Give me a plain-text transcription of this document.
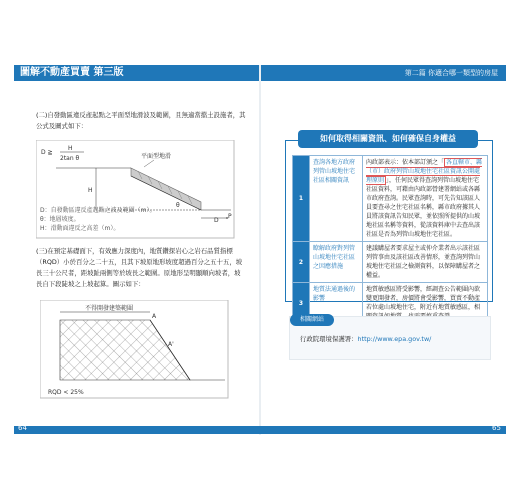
圖解不動產買賣 第三版	第二篇 你適合哪一類型的房屋
(二)自發動區違反產起點之平面型地滑波及範圍，且無適當擋土設施者，其公式及圖式如下：
平面型地滑
D ≧
H
2tan θ
H
θ
D
P
D：自發動區違反產起點之波及範圍（m）。
θ：地層坡度。
H：滑動面違反之高差（m）。
(三)在預定基礎面下，有效應力深度內，地質鑽探岩心之岩石品質指標（RQD）小於百分之二十五，且其下坡原地形坡度超過百分之五十五，坡長三十公尺者，距坡趾兩側等於坡長之範圍。原地形呈明顯順向坡者，坡長自下段陡坡之上坡起算。圖示如下：
不得開發建築範圍
A
A'
RQD < 25%
如何取得相關資訊、如何確保自身權益
1	查詢各地方政府列管山坡地住宅社區相關資訊	內政部表示：依本部訂頒之「 各直轄市、縣（市）政府列管山坡地住宅社區資訊公開處理原則 」，任何民眾得查詢列管山坡地住宅社區資料，可藉由內政部營建署網站或各縣市政府查詢。民眾查詢時，可先告知該區人員要查尋之住宅社區名稱，縣市政府據其人員將該資訊告知民眾，並依照所提供的山坡地社區名稱等資料，從該資料庫中去查出該社區是否為列管山坡地住宅社區。
2	瞭解政府對列管山坡地住宅社區之因應措施	建議購屋者要求屋主或仲介業者出示該社區列管事由及該社區改善情形，並查詢列管山坡地住宅社區之檢測資料，以保障購屋者之權益。
3	地質法通過後的影響	地質敏感區將受影響，經調查公告範圍內欲變更開發者，房價將會受影響，買賣不動產若位處山坡地住宅，附近有地質敏感區，相
相關網站
行政院環境保護署：http://www.epa.gov.tw/
64	65
